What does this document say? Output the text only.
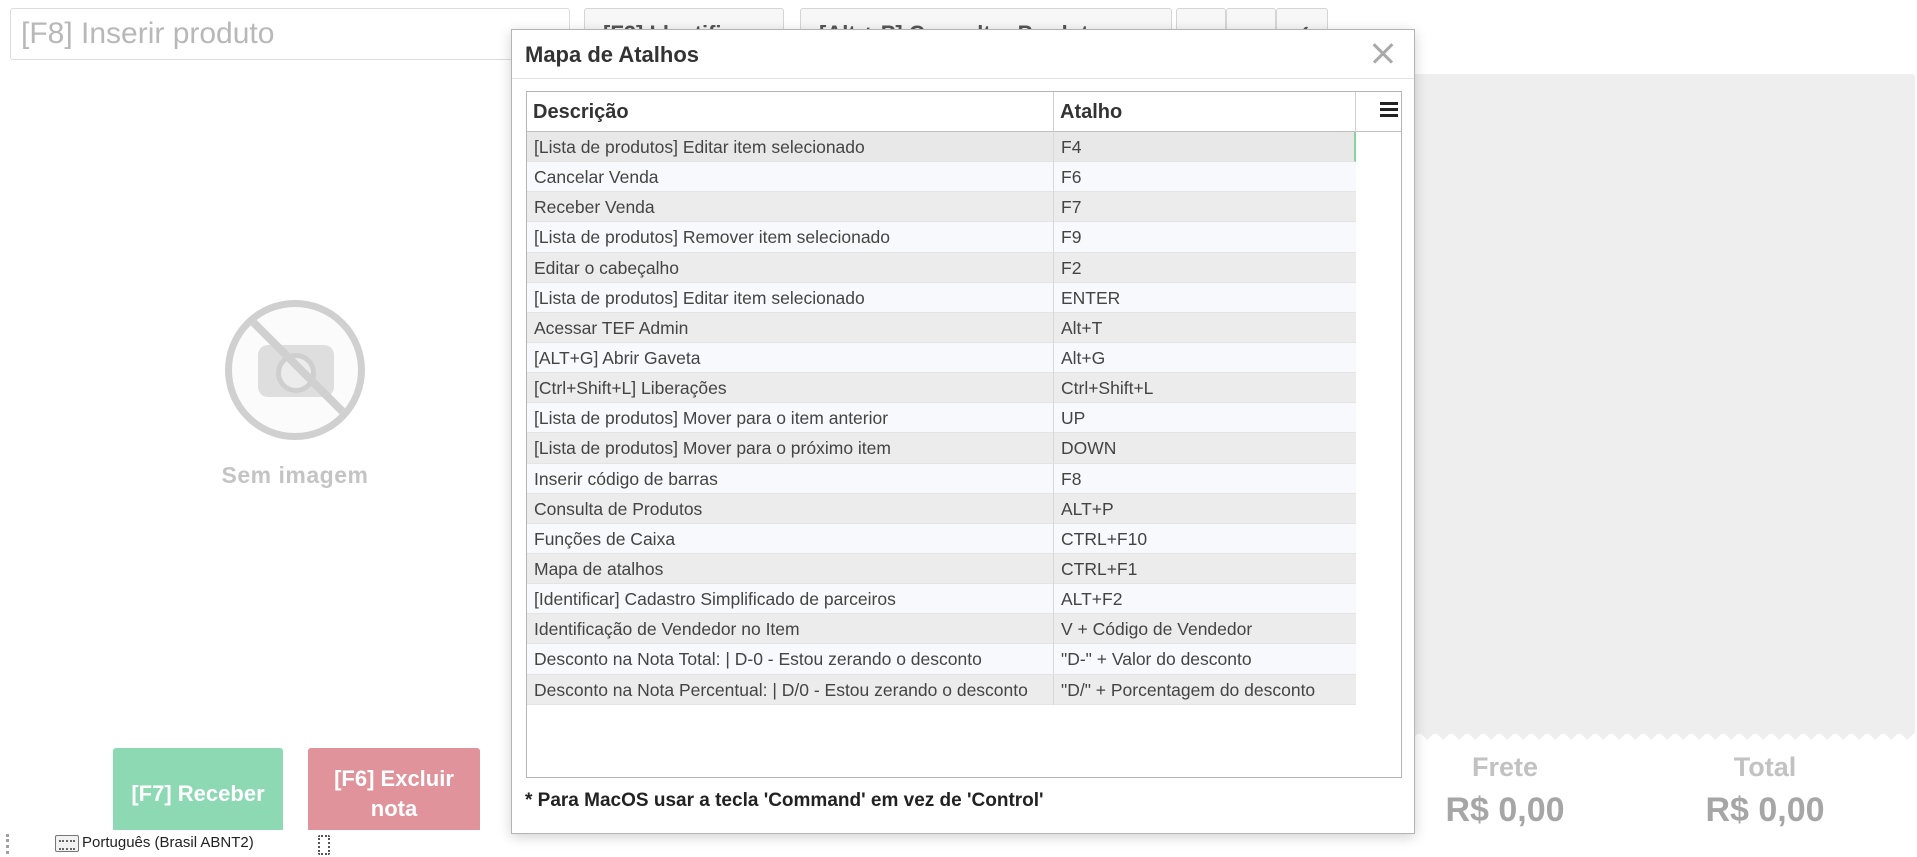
[F8] Inserir produto
Sem imagem
Frete
R$ 0,00
Total
R$ 0,00
[F7] Receber
[F6] Excluir nota
Português (Brasil ABNT2)
Mapa de Atalhos
Descrição	Atalho
[Lista de produtos] Editar item selecionado	F4
Cancelar Venda	F6
Receber Venda	F7
[Lista de produtos] Remover item selecionado	F9
Editar o cabeçalho	F2
[Lista de produtos] Editar item selecionado	ENTER
Acessar TEF Admin	Alt+T
[ALT+G] Abrir Gaveta	Alt+G
[Ctrl+Shift+L] Liberações	Ctrl+Shift+L
[Lista de produtos] Mover para o item anterior	UP
[Lista de produtos] Mover para o próximo item	DOWN
Inserir código de barras	F8
Consulta de Produtos	ALT+P
Funções de Caixa	CTRL+F10
Mapa de atalhos	CTRL+F1
[Identificar] Cadastro Simplificado de parceiros	ALT+F2
Identificação de Vendedor no Item	V + Código de Vendedor
Desconto na Nota Total: | D-0 - Estou zerando o desconto	"D-" + Valor do desconto
Desconto na Nota Percentual: | D/0 - Estou zerando o desconto	"D/" + Porcentagem do desconto
* Para MacOS usar a tecla 'Command' em vez de 'Control'
